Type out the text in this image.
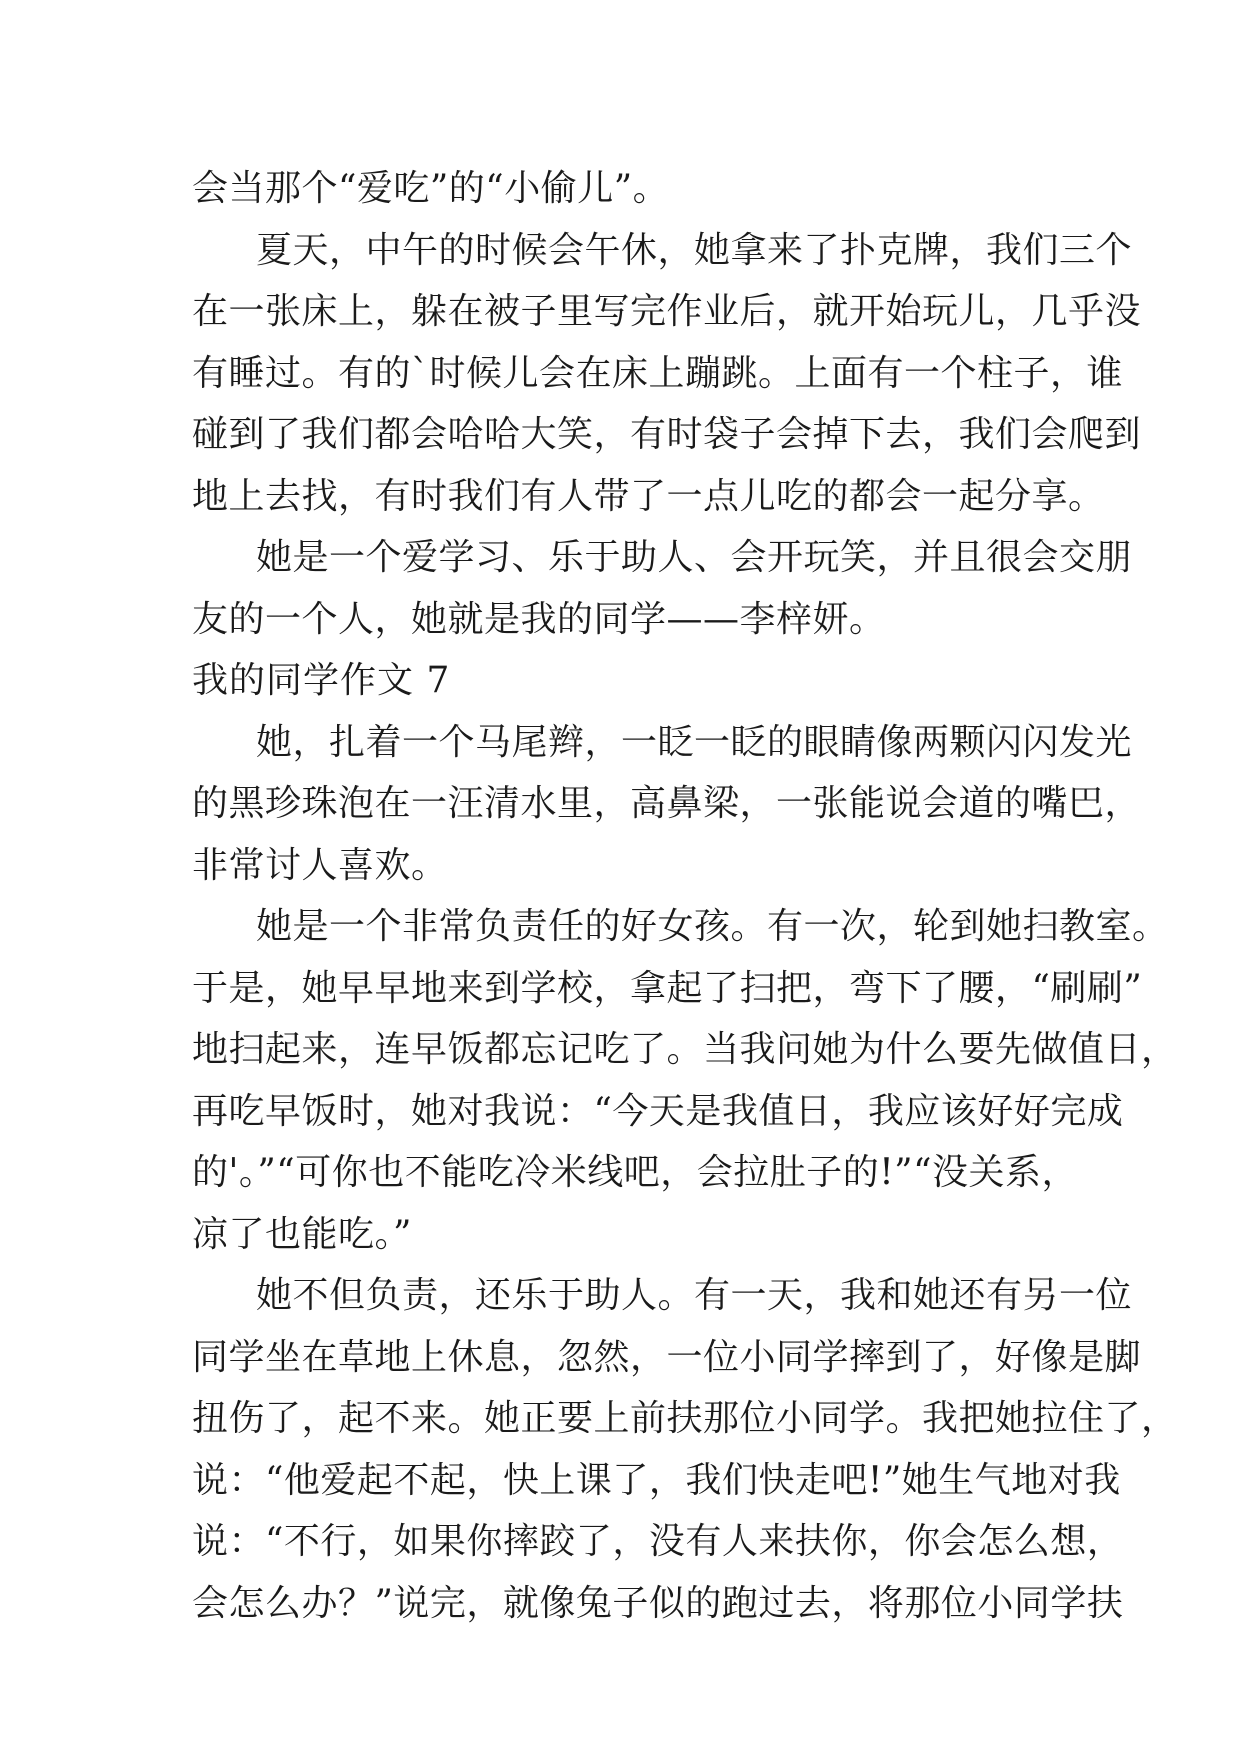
会当那个“爱吃”的“小偷儿”。
夏天，中午的时候会午休，她拿来了扑克牌，我们三个
在一张床上，躲在被子里写完作业后，就开始玩儿，几乎没
有睡过。有的`时候儿会在床上蹦跳。上面有一个柱子，谁
碰到了我们都会哈哈大笑，有时袋子会掉下去，我们会爬到
地上去找，有时我们有人带了一点儿吃的都会一起分享。
她是一个爱学习、乐于助人、会开玩笑，并且很会交朋
友的一个人，她就是我的同学——李梓妍。
我的同学作文 7
她，扎着一个马尾辫，一眨一眨的眼睛像两颗闪闪发光
的黑珍珠泡在一汪清水里，高鼻梁，一张能说会道的嘴巴，
非常讨人喜欢。
她是一个非常负责任的好女孩。有一次，轮到她扫教室。
于是，她早早地来到学校，拿起了扫把，弯下了腰，“刷刷”
地扫起来，连早饭都忘记吃了。当我问她为什么要先做值日，
再吃早饭时，她对我说：“今天是我值日，我应该好好完成
的'。”“可你也不能吃冷米线吧，会拉肚子的!”“没关系，
凉了也能吃。”
她不但负责，还乐于助人。有一天，我和她还有另一位
同学坐在草地上休息，忽然，一位小同学摔到了，好像是脚
扭伤了，起不来。她正要上前扶那位小同学。我把她拉住了，
说：“他爱起不起，快上课了，我们快走吧!”她生气地对我
说：“不行，如果你摔跤了，没有人来扶你，你会怎么想，
会怎么办？”说完，就像兔子似的跑过去，将那位小同学扶
